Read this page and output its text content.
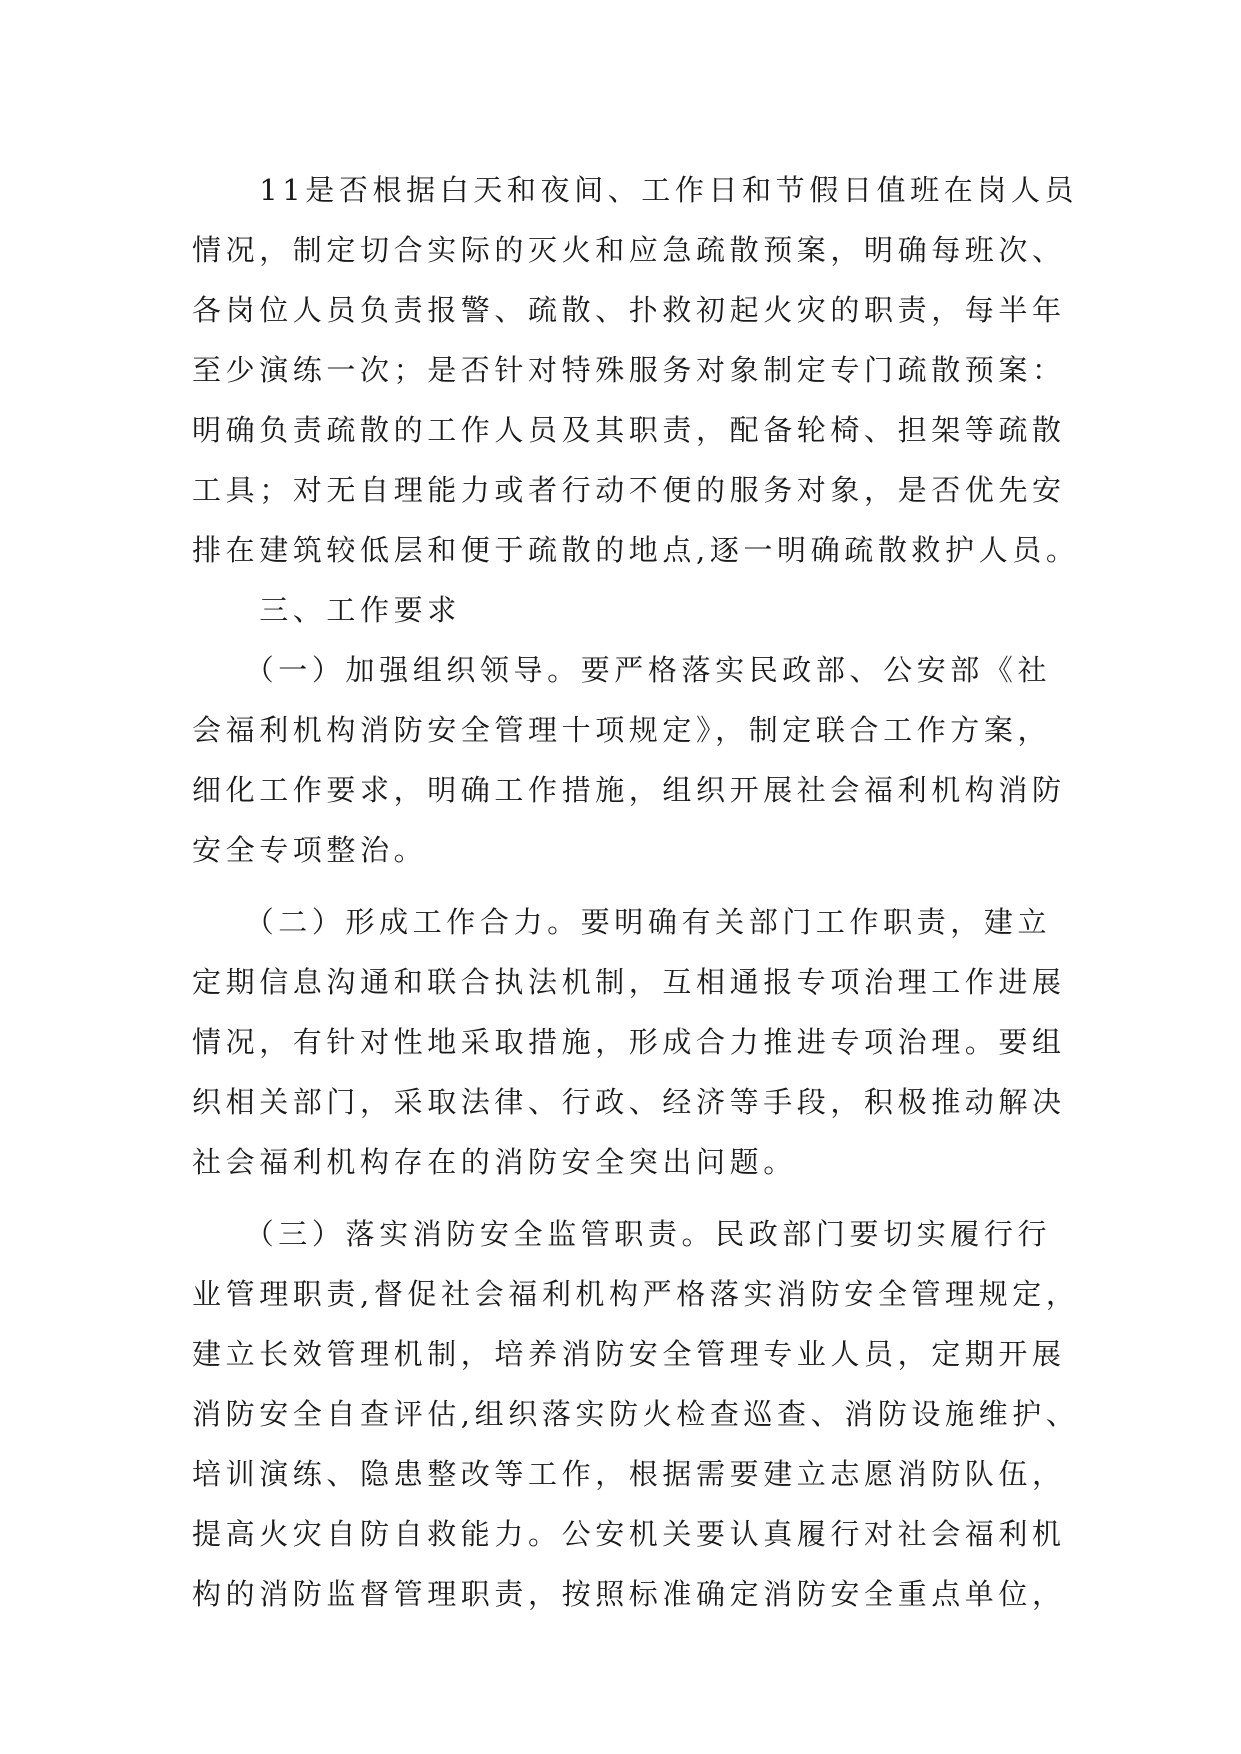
　　11是否根据白天和夜间、工作日和节假日值班在岗人员
情况，制定切合实际的灭火和应急疏散预案，明确每班次、
各岗位人员负责报警、疏散、扑救初起火灾的职责，每半年
至少演练一次；是否针对特殊服务对象制定专门疏散预案：
明确负责疏散的工作人员及其职责，配备轮椅、担架等疏散
工具；对无自理能力或者行动不便的服务对象，是否优先安
排在建筑较低层和便于疏散的地点,逐一明确疏散救护人员。
　　三、工作要求
　　（一）加强组织领导。要严格落实民政部、公安部《社
会福利机构消防安全管理十项规定》，制定联合工作方案，
细化工作要求，明确工作措施，组织开展社会福利机构消防
安全专项整治。
　　（二）形成工作合力。要明确有关部门工作职责，建立
定期信息沟通和联合执法机制，互相通报专项治理工作进展
情况，有针对性地采取措施，形成合力推进专项治理。要组
织相关部门，采取法律、行政、经济等手段，积极推动解决
社会福利机构存在的消防安全突出问题。
　　（三）落实消防安全监管职责。民政部门要切实履行行
业管理职责,督促社会福利机构严格落实消防安全管理规定，
建立长效管理机制，培养消防安全管理专业人员，定期开展
消防安全自查评估,组织落实防火检查巡查、消防设施维护、
培训演练、隐患整改等工作，根据需要建立志愿消防队伍，
提高火灾自防自救能力。公安机关要认真履行对社会福利机
构的消防监督管理职责，按照标准确定消防安全重点单位，
